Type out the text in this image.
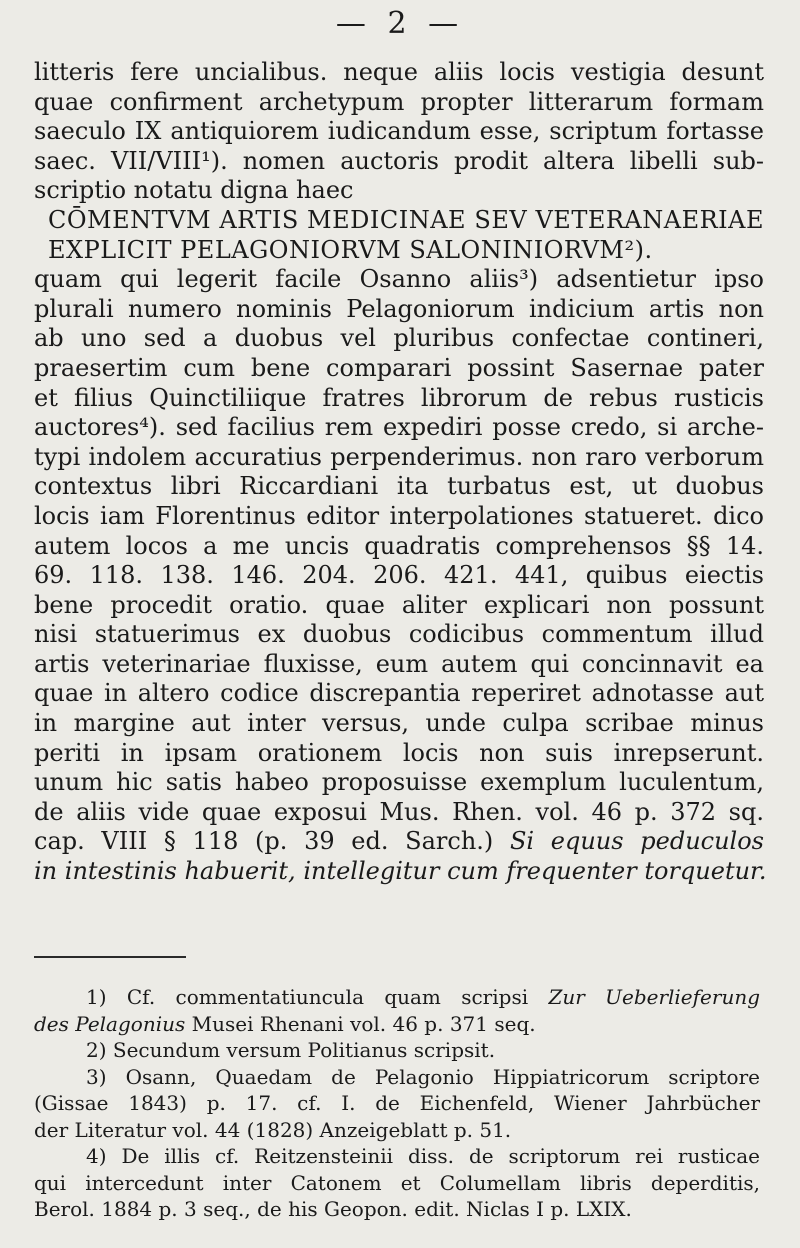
— 2 —
litteris fere uncialibus. neque aliis locis vestigia desunt
quae confirment archetypum propter litterarum formam
saeculo IX antiquiorem iudicandum esse, scriptum fortasse
saec. VII/VIII¹). nomen auctoris prodit altera libelli sub-
scriptio notatu digna haec
CŌMENTVM ARTIS MEDICINAE SEV VETERANAERIAE
EXPLICIT PELAGONIORVM SALONINIORVM²).
quam qui legerit facile Osanno aliis³) adsentietur ipso
plurali numero nominis Pelagoniorum indicium artis non
ab uno sed a duobus vel pluribus confectae contineri,
praesertim cum bene comparari possint Sasernae pater
et filius Quinctiliique fratres librorum de rebus rusticis
auctores⁴). sed facilius rem expediri posse credo, si arche-
typi indolem accuratius perpenderimus. non raro verborum
contextus libri Riccardiani ita turbatus est, ut duobus
locis iam Florentinus editor interpolationes statueret. dico
autem locos a me uncis quadratis comprehensos §§ 14.
69. 118. 138. 146. 204. 206. 421. 441, quibus eiectis
bene procedit oratio. quae aliter explicari non possunt
nisi statuerimus ex duobus codicibus commentum illud
artis veterinariae fluxisse, eum autem qui concinnavit ea
quae in altero codice discrepantia reperiret adnotasse aut
in margine aut inter versus, unde culpa scribae minus
periti in ipsam orationem locis non suis inrepserunt.
unum hic satis habeo proposuisse exemplum luculentum,
de aliis vide quae exposui Mus. Rhen. vol. 46 p. 372 sq.
cap. VIII § 118 (p. 39 ed. Sarch.) Si equus peduculos
in intestinis habuerit, intellegitur cum frequenter torquetur.
1) Cf. commentatiuncula quam scripsi Zur Ueberlieferung
des Pelagonius Musei Rhenani vol. 46 p. 371 seq.
2) Secundum versum Politianus scripsit.
3) Osann, Quaedam de Pelagonio Hippiatricorum scriptore
(Gissae 1843) p. 17. cf. I. de Eichenfeld, Wiener Jahrbücher
der Literatur vol. 44 (1828) Anzeigeblatt p. 51.
4) De illis cf. Reitzensteinii diss. de scriptorum rei rusticae
qui intercedunt inter Catonem et Columellam libris deperditis,
Berol. 1884 p. 3 seq., de his Geopon. edit. Niclas I p. LXIX.
